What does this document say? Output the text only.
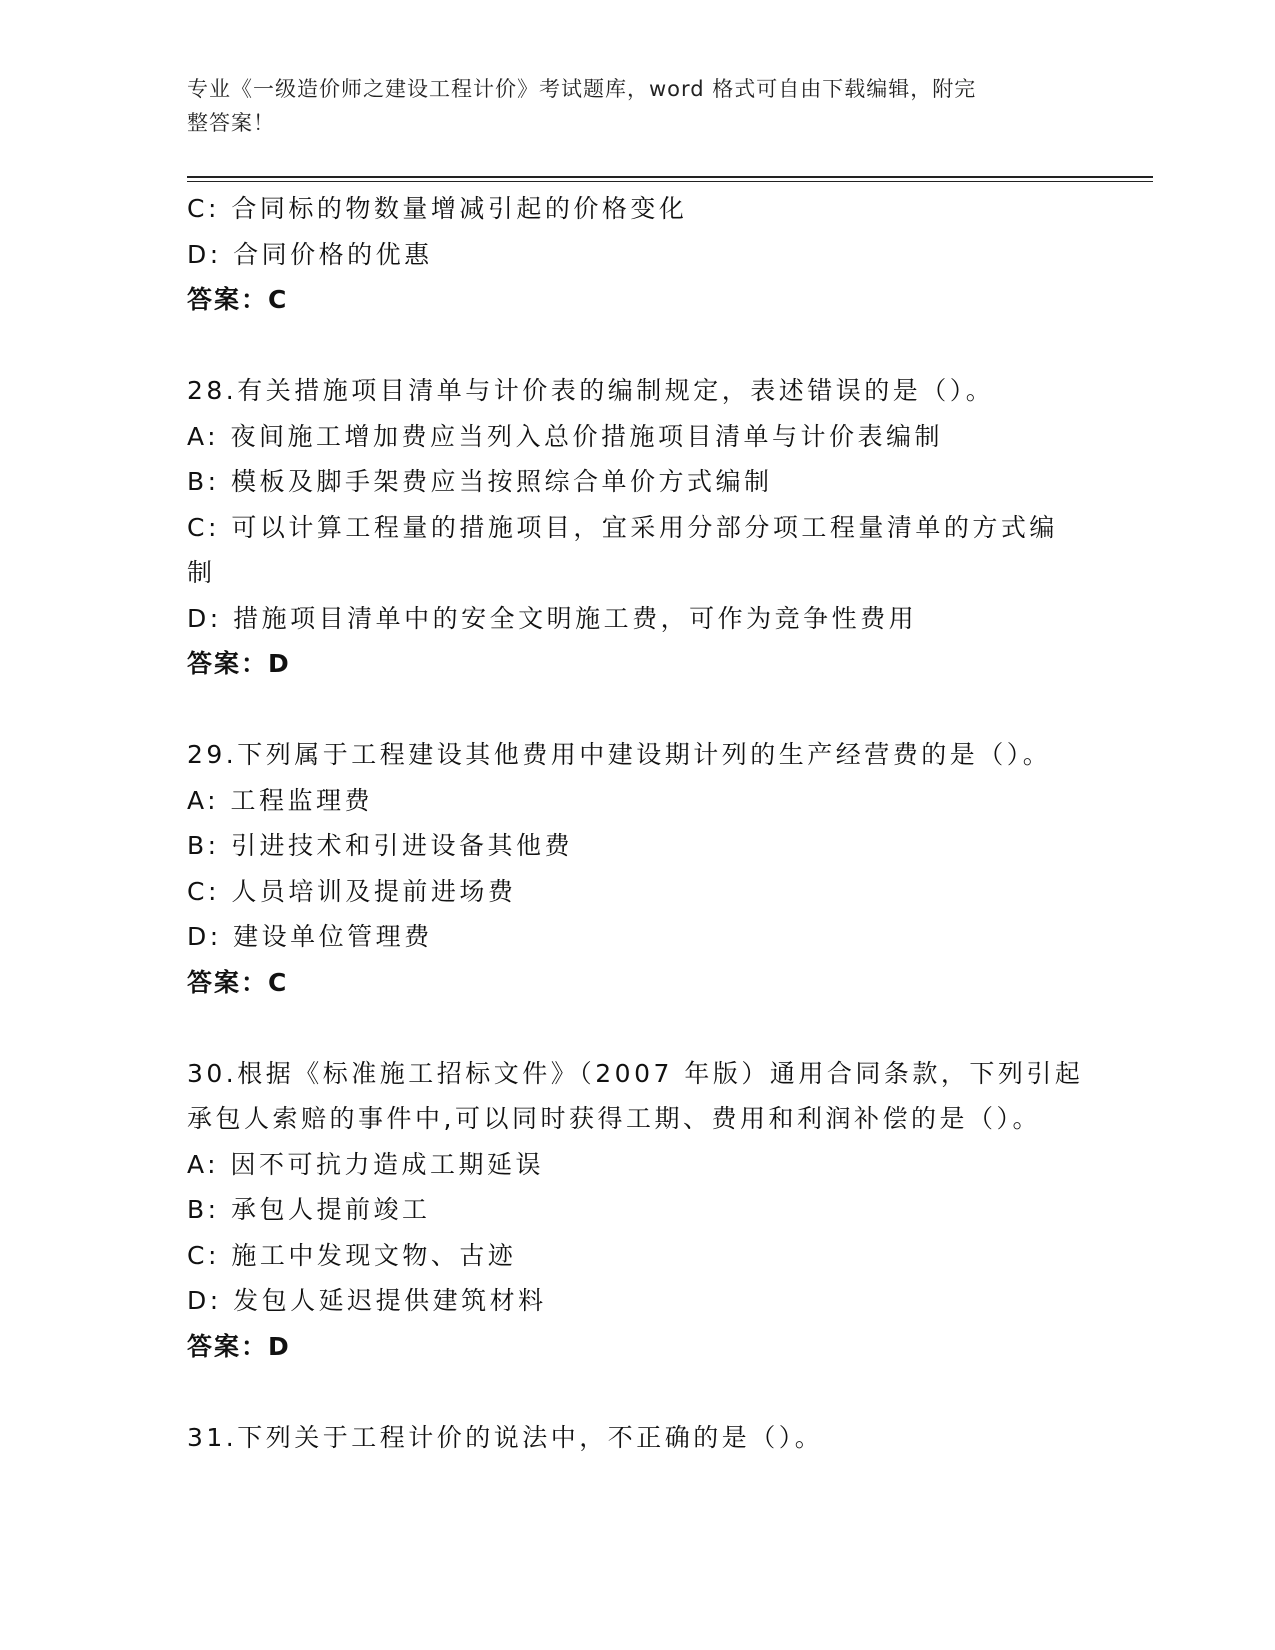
专业《一级造价师之建设工程计价》考试题库，word 格式可自由下载编辑，附完
整答案！
C: 合同标的物数量增减引起的价格变化
D: 合同价格的优惠
答案：C
28.有关措施项目清单与计价表的编制规定，表述错误的是（）。
A: 夜间施工增加费应当列入总价措施项目清单与计价表编制
B: 模板及脚手架费应当按照综合单价方式编制
C: 可以计算工程量的措施项目，宜采用分部分项工程量清单的方式编
制
D: 措施项目清单中的安全文明施工费，可作为竞争性费用
答案：D
29.下列属于工程建设其他费用中建设期计列的生产经营费的是（）。
A: 工程监理费
B: 引进技术和引进设备其他费
C: 人员培训及提前进场费
D: 建设单位管理费
答案：C
30.根据《标准施工招标文件》（2007 年版）通用合同条款，下列引起
承包人索赔的事件中,可以同时获得工期、费用和利润补偿的是（）。
A: 因不可抗力造成工期延误
B: 承包人提前竣工
C: 施工中发现文物、古迹
D: 发包人延迟提供建筑材料
答案：D
31.下列关于工程计价的说法中，不正确的是（）。
